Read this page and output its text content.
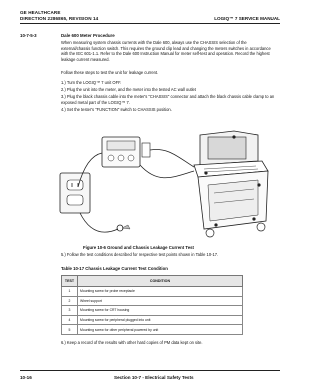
GE HEALTHCARE
DIRECTION 2286865, REVISION 14	LOGIQ™ 7 SERVICE MANUAL
10-7-5-3	Dale 600 Meter Procedure
When measuring system chassis currents with the Dale 600, always use the CHASSIS selection of the external/chassis function switch. This requires the ground clip lead and changing the meters switches in accordance with the IEC 601-1.1. Refer to the Dale 600 Instruction Manual for meter self-test and operation. Record the highest leakage current measured.
Follow these steps to test the unit for leakage current.
1.) Turn the LOGIQ™ 7 unit OFF.
2.) Plug the unit into the meter, and the meter into the tested AC wall outlet
3.) Plug the black chassis cable into the meter's "CHASSIS" connector and attach the black chassis cable clamp to an exposed metal part of the LOGIQ™ 7.
4.) Set the tester's "FUNCTION" switch to CHASSIS position.
Figure 10-6 Ground and Chassis Leakage Current Test
5.) Follow the test conditions described for respective test points shown in Table 10-17.
Table 10-17 Chassis Leakage Current Test Condition
TEST	CONDITION
1	Mounting screw for probe receptacle
2	Wheel support
3	Mounting screw for CRT housing
4	Mounting screw for peripheral plugged into unit
5	Mounting screw for other peripheral powered by unit
6.) Keep a record of the results with other hard copies of PM data kept on site.
10-16	Section 10-7 - Electrical Safety Tests
